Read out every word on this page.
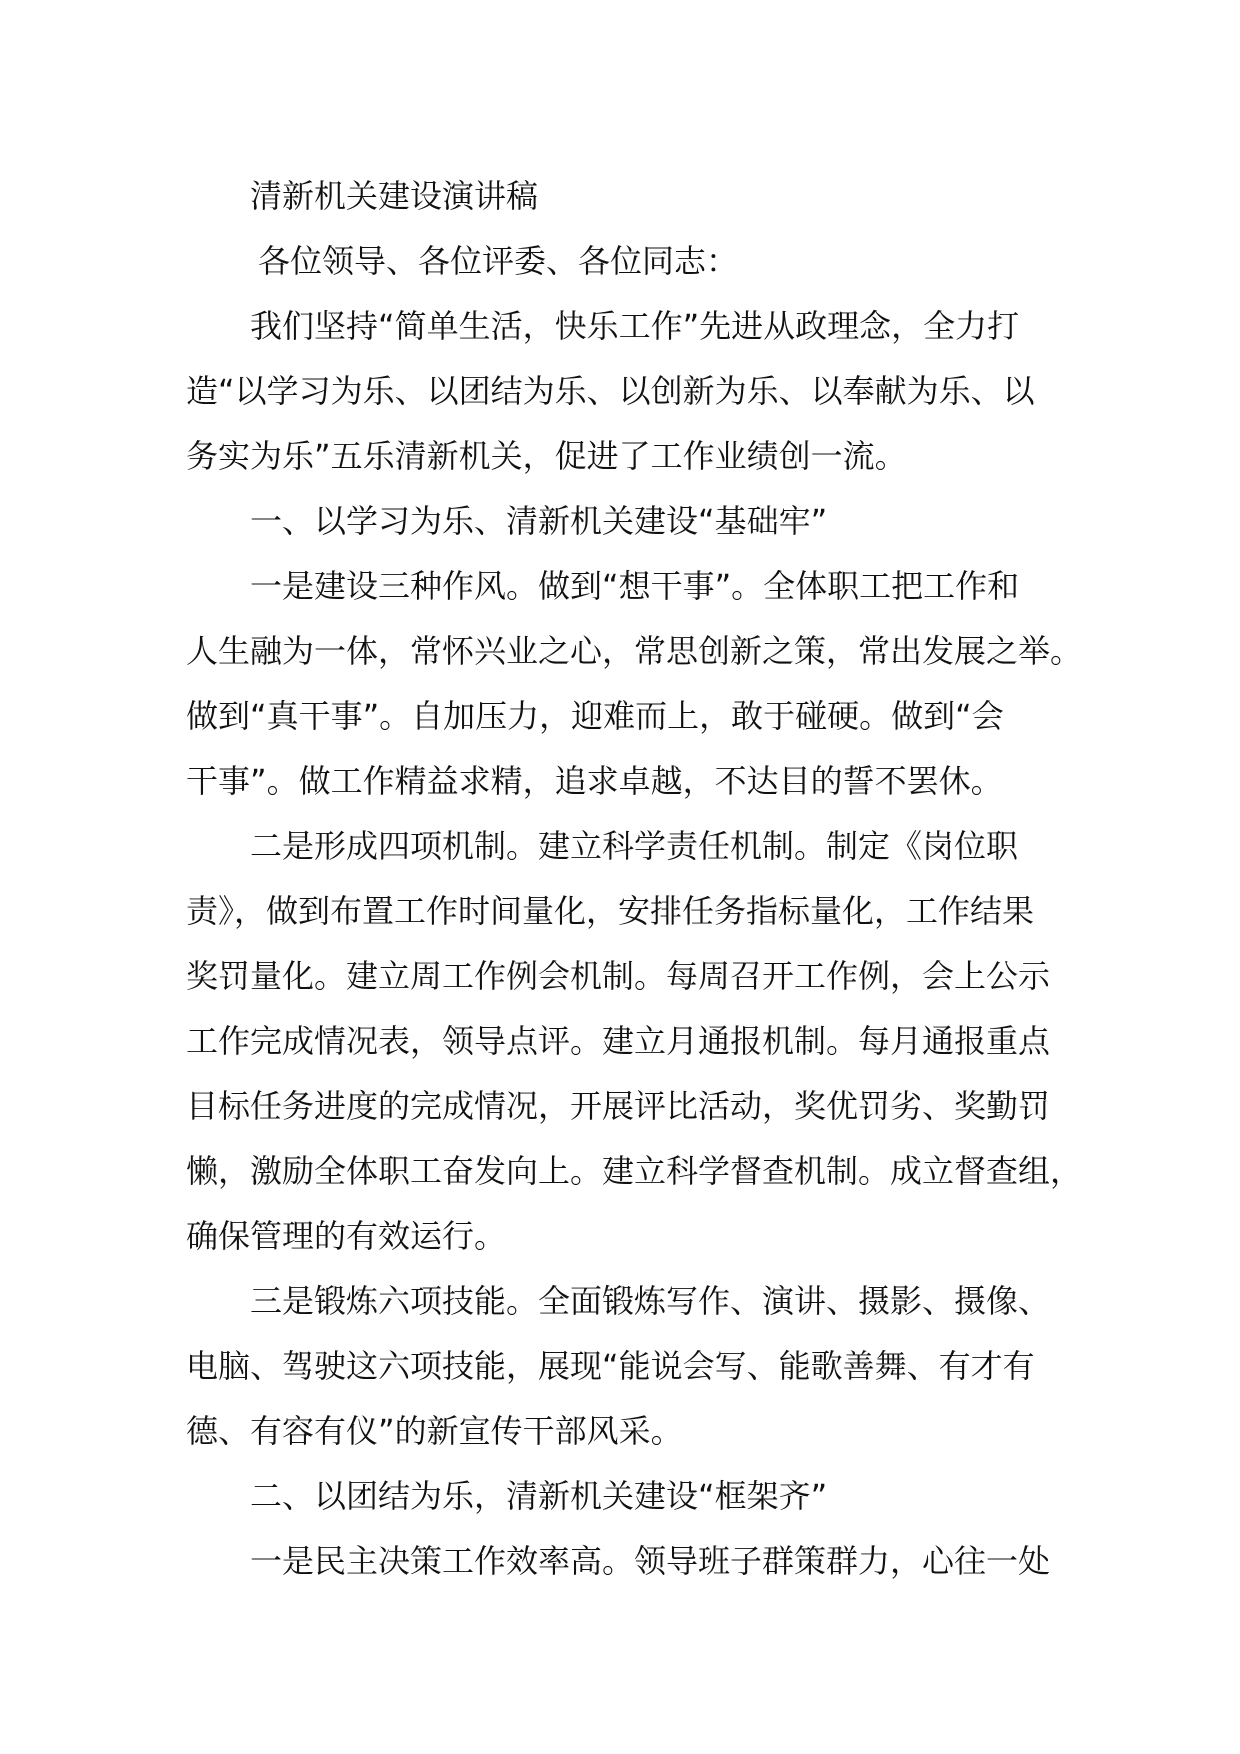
清新机关建设演讲稿
各位领导、各位评委、各位同志：
我们坚持“简单生活，快乐工作”先进从政理念，全力打
造“以学习为乐、以团结为乐、以创新为乐、以奉献为乐、以
务实为乐”五乐清新机关，促进了工作业绩创一流。
一、以学习为乐、清新机关建设“基础牢”
一是建设三种作风。做到“想干事”。全体职工把工作和
人生融为一体，常怀兴业之心，常思创新之策，常出发展之举。
做到“真干事”。自加压力，迎难而上，敢于碰硬。做到“会
干事”。做工作精益求精，追求卓越，不达目的誓不罢休。
二是形成四项机制。建立科学责任机制。制定《岗位职
责》，做到布置工作时间量化，安排任务指标量化，工作结果
奖罚量化。建立周工作例会机制。每周召开工作例，会上公示
工作完成情况表，领导点评。建立月通报机制。每月通报重点
目标任务进度的完成情况，开展评比活动，奖优罚劣、奖勤罚
懒，激励全体职工奋发向上。建立科学督查机制。成立督查组，
确保管理的有效运行。
三是锻炼六项技能。全面锻炼写作、演讲、摄影、摄像、
电脑、驾驶这六项技能，展现“能说会写、能歌善舞、有才有
德、有容有仪”的新宣传干部风采。
二、以团结为乐，清新机关建设“框架齐”
一是民主决策工作效率高。领导班子群策群力，心往一处
